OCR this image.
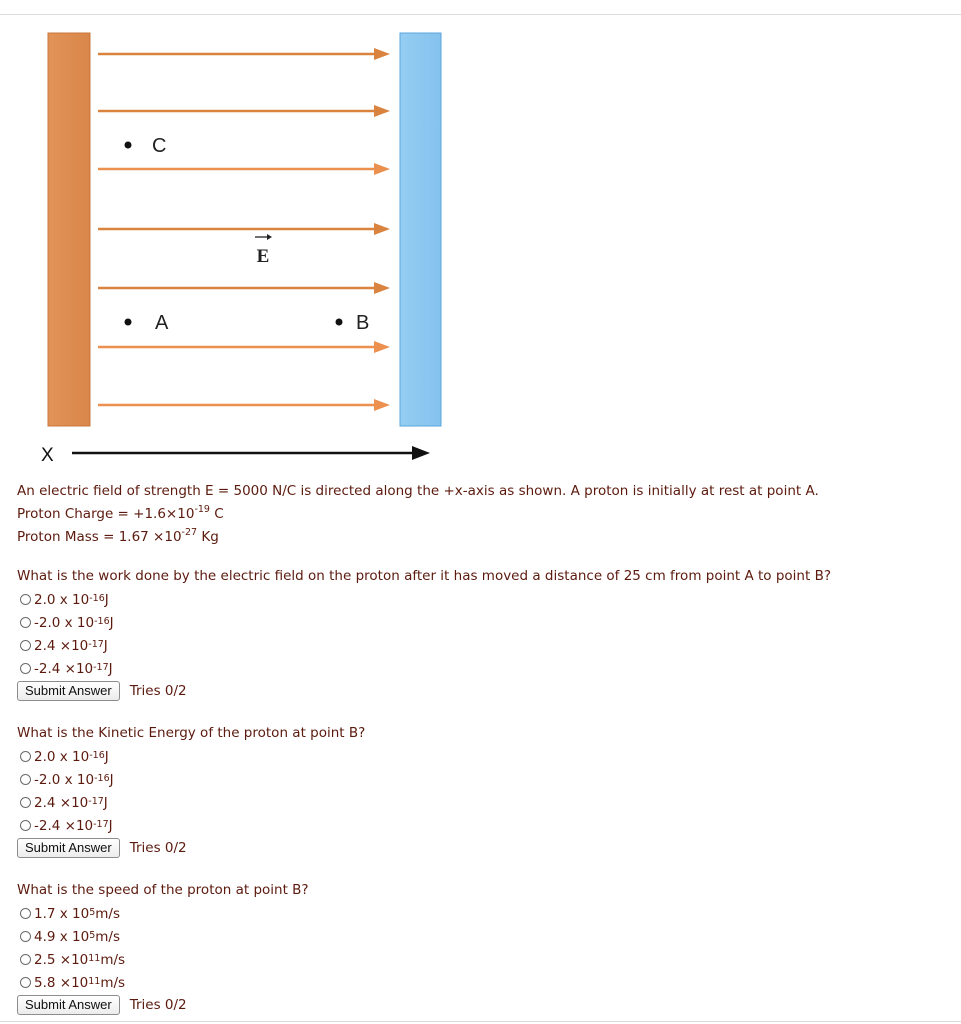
C
A	B
E
X

An electric field of strength E = 5000 N/C is directed along the +x-axis as shown. A proton is initially at rest at point A.

Proton Charge = $+1.6\times 10^{-19}$ C

Proton Mass = $1.67 \times 10^{-27}$ Kg

What is the work done by the electric field on the proton after it has moved a distance of 25 cm from point A to point B?
2.0 x $10^{-16}$ J
-2.0 x $10^{-16}$ J
$2.4 \times 10^{-17}$ J
$-2.4 \times 10^{-17}$ J
Submit Answer	Tries 0/2
What is the Kinetic Energy of the proton at point B?
2.0 x $10^{-16}$ J
-2.0 x $10^{-16}$ J
$2.4 \times 10^{-17}$ J
$-2.4 \times 10^{-17}$ J
Submit Answer	Tries 0/2
What is the speed of the proton at point B?
1.7 x $10^5$ m/s
4.9 x $10^5$ m/s
$2.5 \times 10^{11}$ m/s
$5.8 \times 10^{11}$ m/s
Submit Answer	Tries 0/2
